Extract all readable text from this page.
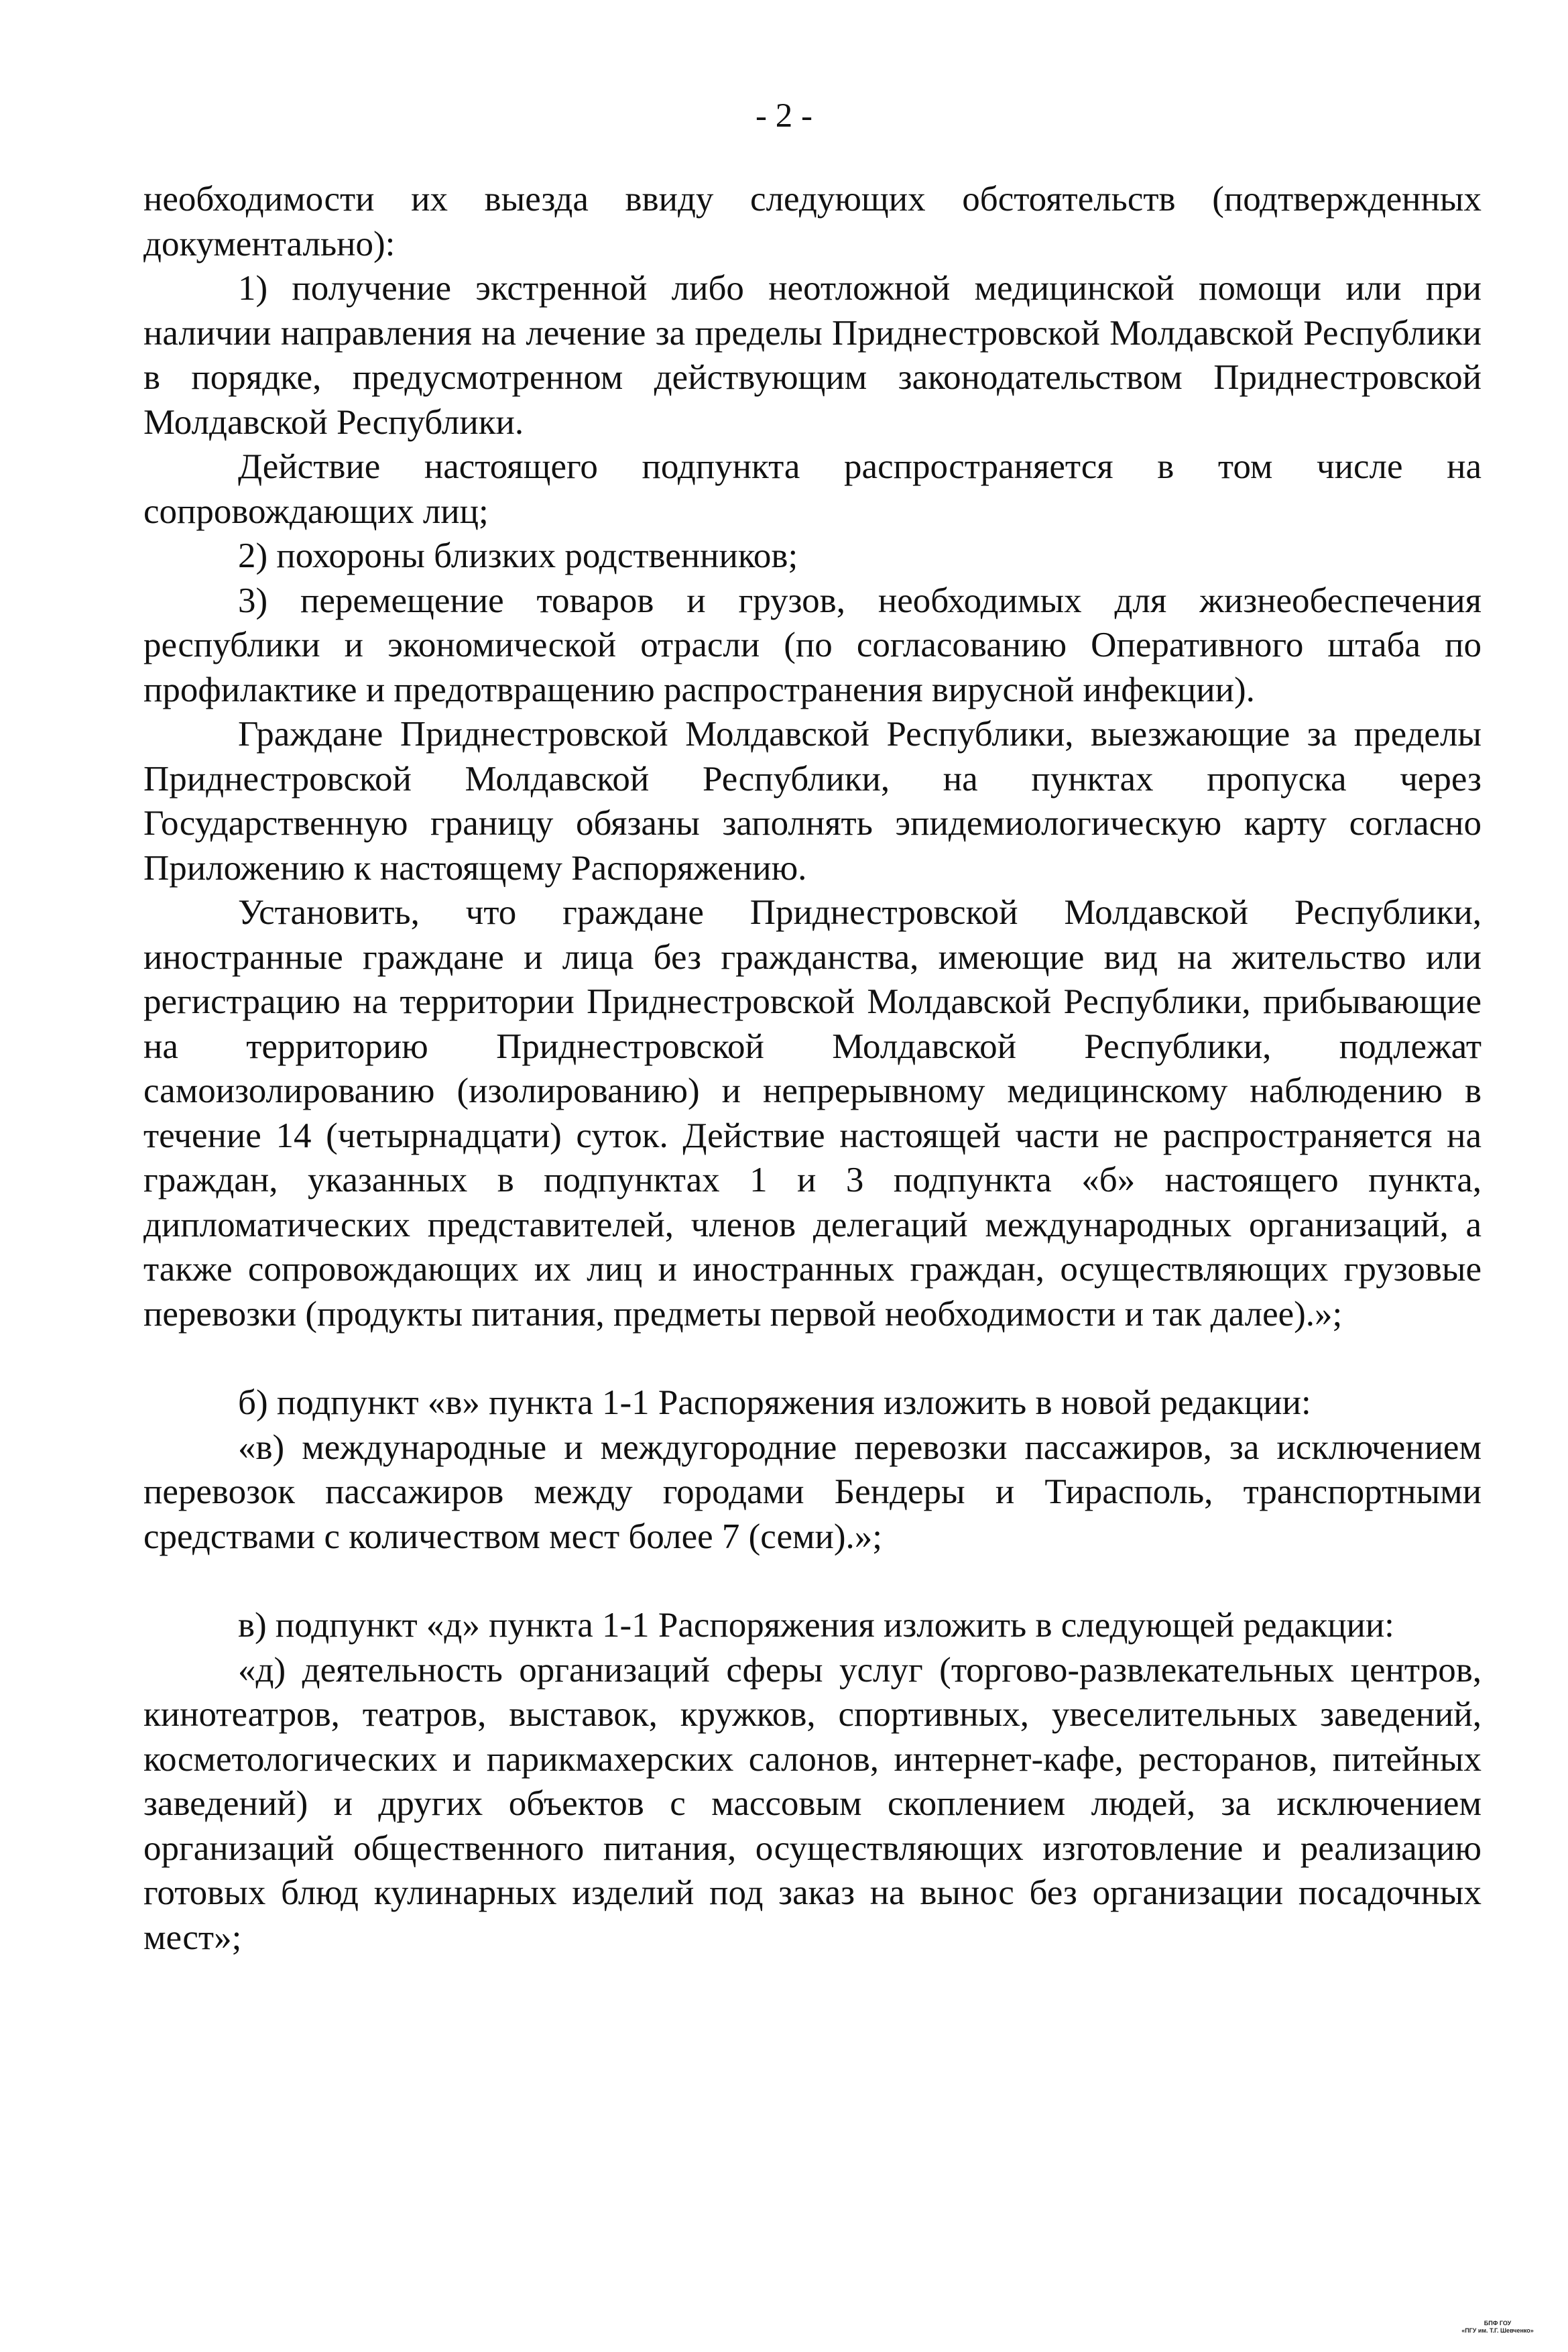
- 2 -

необходимости их выезда ввиду следующих обстоятельств (подтвержденных документально):

1) получение экстренной либо неотложной медицинской помощи или при наличии направления на лечение за пределы Приднестровской Молдавской Республики в порядке, предусмотренном действующим законодательством Приднестровской Молдавской Республики.

Действие настоящего подпункта распространяется в том числе на сопровождающих лиц;

2) похороны близких родственников;

3) перемещение товаров и грузов, необходимых для жизнеобеспечения республики и экономической отрасли (по согласованию Оперативного штаба по профилактике и предотвращению распространения вирусной инфекции).

Граждане Приднестровской Молдавской Республики, выезжающие за пределы Приднестровской Молдавской Республики, на пунктах пропуска через Государственную границу обязаны заполнять эпидемиологическую карту согласно Приложению к настоящему Распоряжению.

Установить, что граждане Приднестровской Молдавской Республики, иностранные граждане и лица без гражданства, имеющие вид на жительство или регистрацию на территории Приднестровской Молдавской Республики, прибывающие на территорию Приднестровской Молдавской Республики, подлежат самоизолированию (изолированию) и непрерывному медицинскому наблюдению в течение 14 (четырнадцати) суток. Действие настоящей части не распространяется на граждан, указанных в подпунктах 1 и 3 подпункта «б» настоящего пункта, дипломатических представителей, членов делегаций международных организаций, а также сопровождающих их лиц и иностранных граждан, осуществляющих грузовые перевозки (продукты питания, предметы первой необходимости и так далее).»;

б) подпункт «в» пункта 1-1 Распоряжения изложить в новой редакции:

«в) международные и междугородние перевозки пассажиров, за исключением перевозок пассажиров между городами Бендеры и Тирасполь, транспортными средствами с количеством мест более 7 (семи).»;

в) подпункт «д» пункта 1-1 Распоряжения изложить в следующей редакции:

«д) деятельность организаций сферы услуг (торгово-развлекательных центров, кинотеатров, театров, выставок, кружков, спортивных, увеселительных заведений, косметологических и парикмахерских салонов, интернет-кафе, ресторанов, питейных заведений) и других объектов с массовым скоплением людей, за исключением организаций общественного питания, осуществляющих изготовление и реализацию готовых блюд кулинарных изделий под заказ на вынос без организации посадочных мест»;

БПФ ГОУ
«ПГУ им. Т.Г. Шевченко»
